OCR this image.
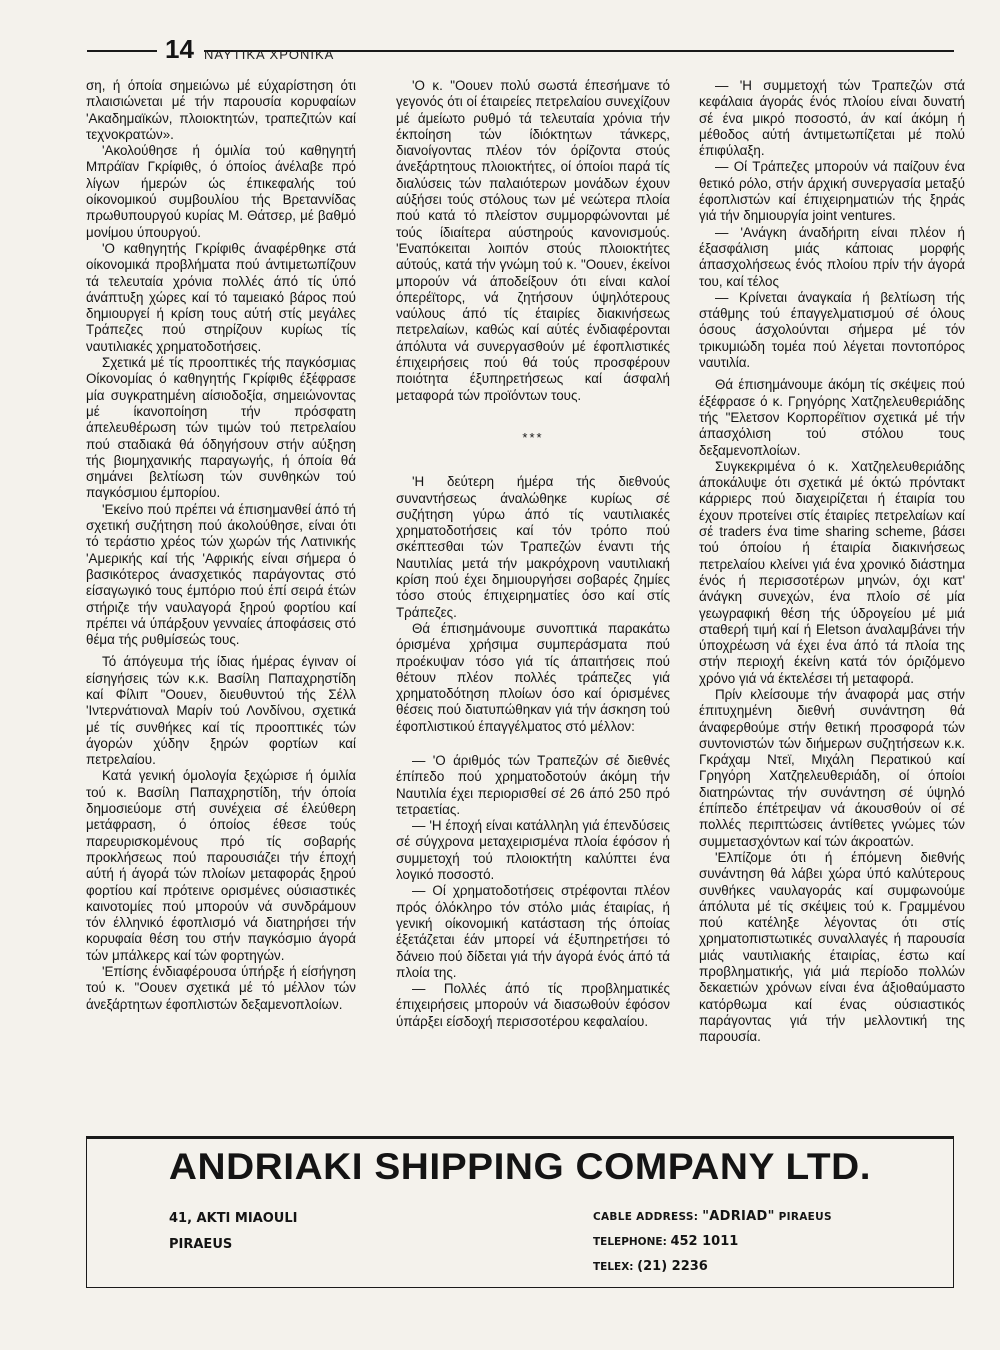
14 ΝΑΥΤΙΚΑ ΧΡΟΝΙΚΑ

ση, ή όποία σημειώνω μέ εύχαρίστηση ότι πλαισιώνεται μέ τήν παρουσία κορυφαίων 'Ακαδημαϊκών, πλοιοκτητών, τραπεζιτών καί τεχνοκρατών».

'Ακολούθησε ή όμιλία τού καθηγητή Μπράϊαν Γκρίφιθς, ό όποίος άνέλαβε πρό λίγων ήμερών ώς έπικεφαλής τού οίκονομικού συμβουλίου τής Βρεταννίδας πρωθυπουργού κυρίας Μ. Θάτσερ, μέ βαθμό μονίμου ύπουργού.

'Ο καθηγητής Γκρίφιθς άναφέρθηκε στά οίκονομικά προβλήματα πού άντιμετωπίζουν τά τελευταία χρόνια πολλές άπό τίς ύπό άνάπτυξη χώρες καί τό ταμειακό βάρος πού δημιουργεί ή κρίση τους αύτή στίς μεγάλες Τράπεζες πού στηρίζουν κυρίως τίς ναυτιλιακές χρηματοδοτήσεις.

Σχετικά μέ τίς προοπτικές τής παγκόσμιας Οίκονομίας ό καθηγητής Γκρίφιθς έξέφρασε μία συγκρατημένη αίσιοδοξία, σημειώνοντας μέ ίκανοποίηση τήν πρόσφατη άπελευθέρωση τών τιμών τού πετρελαίου πού σταδιακά θά όδηγήσουν στήν αύξηση τής βιομηχανικής παραγωγής, ή όποία θά σημάνει βελτίωση τών συνθηκών τού παγκόσμιου έμπορίου.

'Εκείνο πού πρέπει νά έπισημανθεί άπό τή σχετική συζήτηση πού άκολούθησε, είναι ότι τό τεράστιο χρέος τών χωρών τής Λατινικής 'Αμερικής καί τής 'Αφρικής είναι σήμερα ό βασικότερος άνασχετικός παράγοντας στό είσαγωγικό τους έμπόριο πού έπί σειρά έτών στήριζε τήν ναυλαγορά ξηρού φορτίου καί πρέπει νά ύπάρξουν γενναίες άποφάσεις στό θέμα τής ρυθμίσεώς τους.

Τό άπόγευμα τής ίδιας ήμέρας έγιναν οί είσηγήσεις τών κ.κ. Βασίλη Παπαχρηστίδη καί Φίλιπ "Οουεν, διευθυντού τής Σέλλ 'Ιντερνάτιοναλ Μαρίν τού Λονδίνου, σχετικά μέ τίς συνθήκες καί τίς προοπτικές τών άγορών χύδην ξηρών φορτίων καί πετρελαίου.

Κατά γενική όμολογία ξεχώρισε ή όμιλία τού κ. Βασίλη Παπαχρηστίδη, τήν όποία δημοσιεύομε στή συνέχεια σέ έλεύθερη μετάφραση, ό όποίος έθεσε τούς παρευρισκομένους πρό τίς σοβαρής προκλήσεως πού παρουσιάζει τήν έποχή αύτή ή άγορά τών πλοίων μεταφοράς ξηρού φορτίου καί πρότεινε ορισμένες ούσιαστικές καινοτομίες πού μπορούν νά συνδράμουν τόν έλληνικό έφοπλισμό νά διατηρήσει τήν κορυφαία θέση του στήν παγκόσμιο άγορά τών μπάλκερς καί τών φορτηγών.

'Επίσης ένδιαφέρουσα ύπήρξε ή είσήγηση τού κ. "Οουεν σχετικά μέ τό μέλλον τών άνεξάρτητων έφοπλιστών δεξαμενοπλοίων.

'Ο κ. "Οουεν πολύ σωστά έπεσήμανε τό γεγονός ότι οί έταιρείες πετρελαίου συνεχίζουν μέ άμείωτο ρυθμό τά τελευταία χρόνια τήν έκποίηση τών ίδιόκτητων τάνκερς, διανοίγοντας πλέον τόν όρίζοντα στούς άνεξάρτητους πλοιοκτήτες, οί όποίοι παρά τίς διαλύσεις τών παλαιότερων μονάδων έχουν αύξήσει τούς στόλους των μέ νεώτερα πλοία πού κατά τό πλείστον συμμορφώνονται μέ τούς ίδιαίτερα αύστηρούς κανονισμούς. 'Εναπόκειται λοιπόν στούς πλοιοκτήτες αύτούς, κατά τήν γνώμη τού κ. "Οουεν, έκείνοι μπορούν νά άποδείξουν ότι είναι καλοί όπερέϊτορς, νά ζητήσουν ύψηλότερους ναύλους άπό τίς έταιρίες διακινήσεως πετρελαίων, καθώς καί αύτές ένδιαφέρονται άπόλυτα νά συνεργασθούν μέ έφοπλιστικές έπιχειρήσεις πού θά τούς προσφέρουν ποιότητα έξυπηρετήσεως καί άσφαλή μεταφορά τών προϊόντων τους.

***

'Η δεύτερη ήμέρα τής διεθνούς συναντήσεως άναλώθηκε κυρίως σέ συζήτηση γύρω άπό τίς ναυτιλιακές χρηματοδοτήσεις καί τόν τρόπο πού σκέπτεσθαι τών Τραπεζών έναντι τής Ναυτιλίας μετά τήν μακρόχρονη ναυτιλιακή κρίση πού έχει δημιουργήσει σοβαρές ζημίες τόσο στούς έπιχειρηματίες όσο καί στίς Τράπεζες.

Θά έπισημάνουμε συνοπτικά παρακάτω όρισμένα χρήσιμα συμπεράσματα πού προέκυψαν τόσο γιά τίς άπαιτήσεις πού θέτουν πλέον πολλές τράπεζες γιά χρηματοδότηση πλοίων όσο καί όρισμένες θέσεις πού διατυπώθηκαν γιά τήν άσκηση τού έφοπλιστικού έπαγγέλματος στό μέλλον:

— 'Ο άριθμός τών Τραπεζών σέ διεθνές έπίπεδο πού χρηματοδοτούν άκόμη τήν Ναυτιλία έχει περιορισθεί σέ 26 άπό 250 πρό τετραετίας.

— 'Η έποχή είναι κατάλληλη γιά έπενδύσεις σέ σύγχρονα μεταχειρισμένα πλοία έφόσον ή συμμετοχή τού πλοιοκτήτη καλύπτει ένα λογικό ποσοστό.

— Οί χρηματοδοτήσεις στρέφονται πλέον πρός όλόκληρο τόν στόλο μιάς έταιρίας, ή γενική οίκονομική κατάσταση τής όποίας έξετάζεται έάν μπορεί νά έξυπηρετήσει τό δάνειο πού δίδεται γιά τήν άγορά ένός άπό τά πλοία της.

— Πολλές άπό τίς προβληματικές έπιχειρήσεις μπορούν νά διασωθούν έφόσον ύπάρξει είσδοχή περισσοτέρου κεφαλαίου.

— 'Η συμμετοχή τών Τραπεζών στά κεφάλαια άγοράς ένός πλοίου είναι δυνατή σέ ένα μικρό ποσοστό, άν καί άκόμη ή μέθοδος αύτή άντιμετωπίζεται μέ πολύ έπιφύλαξη.

— Οί Τράπεζες μπορούν νά παίζουν ένα θετικό ρόλο, στήν άρχική συνεργασία μεταξύ έφοπλιστών καί έπιχειρηματιών τής ξηράς γιά τήν δημιουργία joint ventures.

— 'Ανάγκη άναδήριτη είναι πλέον ή έξασφάλιση μιάς κάποιας μορφής άπασχολήσεως ένός πλοίου πρίν τήν άγορά του, καί τέλος

— Κρίνεται άναγκαία ή βελτίωση τής στάθμης τού έπαγγελματισμού σέ όλους όσους άσχολούνται σήμερα μέ τόν τρικυμιώδη τομέα πού λέγεται ποντοπόρος ναυτιλία.

Θά έπισημάνουμε άκόμη τίς σκέψεις πού έξέφρασε ό κ. Γρηγόρης Χατζηελευθεριάδης τής "Ελετσον Κορπορέϊτιον σχετικά μέ τήν άπασχόλιση τού στόλου τους δεξαμενοπλοίων.

Συγκεκριμένα ό κ. Χατζηελευθεριάδης άποκάλυψε ότι σχετικά μέ όκτώ πρόντακτ κάρριερς πού διαχειρίζεται ή έταιρία του έχουν προτείνει στίς έταιρίες πετρελαίων καί σέ traders ένα time sharing scheme, βάσει τού όποίου ή έταιρία διακινήσεως πετρελαίου κλείνει γιά ένα χρονικό διάστημα ένός ή περισσοτέρων μηνών, όχι κατ' άνάγκη συνεχών, ένα πλοίο σέ μία γεωγραφική θέση τής ύδρογείου μέ μιά σταθερή τιμή καί ή Eletson άναλαμβάνει τήν ύποχρέωση νά έχει ένα άπό τά πλοία της στήν περιοχή έκείνη κατά τόν όριζόμενο χρόνο γιά νά έκτελέσει τή μεταφορά.

Πρίν κλείσουμε τήν άναφορά μας στήν έπιτυχημένη διεθνή συνάντηση θά άναφερθούμε στήν θετική προσφορά τών συντονιστών τών διήμερων συζητήσεων κ.κ. Γκράχαμ Ντεϊ, Μιχάλη Περατικού καί Γρηγόρη Χατζηελευθεριάδη, οί όποίοι διατηρώντας τήν συνάντηση σέ ύψηλό έπίπεδο έπέτρεψαν νά άκουσθούν οί σέ πολλές περιπτώσεις άντίθετες γνώμες τών συμμετασχόντων καί τών άκροατών.

'Ελπίζομε ότι ή έπόμενη διεθνής συνάντηση θά λάβει χώρα ύπό καλύτερους συνθήκες ναυλαγοράς καί συμφωνούμε άπόλυτα μέ τίς σκέψεις τού κ. Γραμμένου πού κατέληξε λέγοντας ότι στίς χρηματοπιστωτικές συναλλαγές ή παρουσία μιάς ναυτιλιακής έταιρίας, έστω καί προβληματικής, γιά μιά περίοδο πολλών δεκαετιών χρόνων είναι ένα άξιοθαύμαστο κατόρθωμα καί ένας ούσιαστικός παράγοντας γιά τήν μελλοντική της παρουσία.

ANDRIAKI SHIPPING COMPANY LTD.
41, AKTI MIAOULI
PIRAEUS
CABLE ADDRESS: "ADRIAD" PIRAEUS
TELEPHONE: 452 1011
TELEX: (21) 2236
